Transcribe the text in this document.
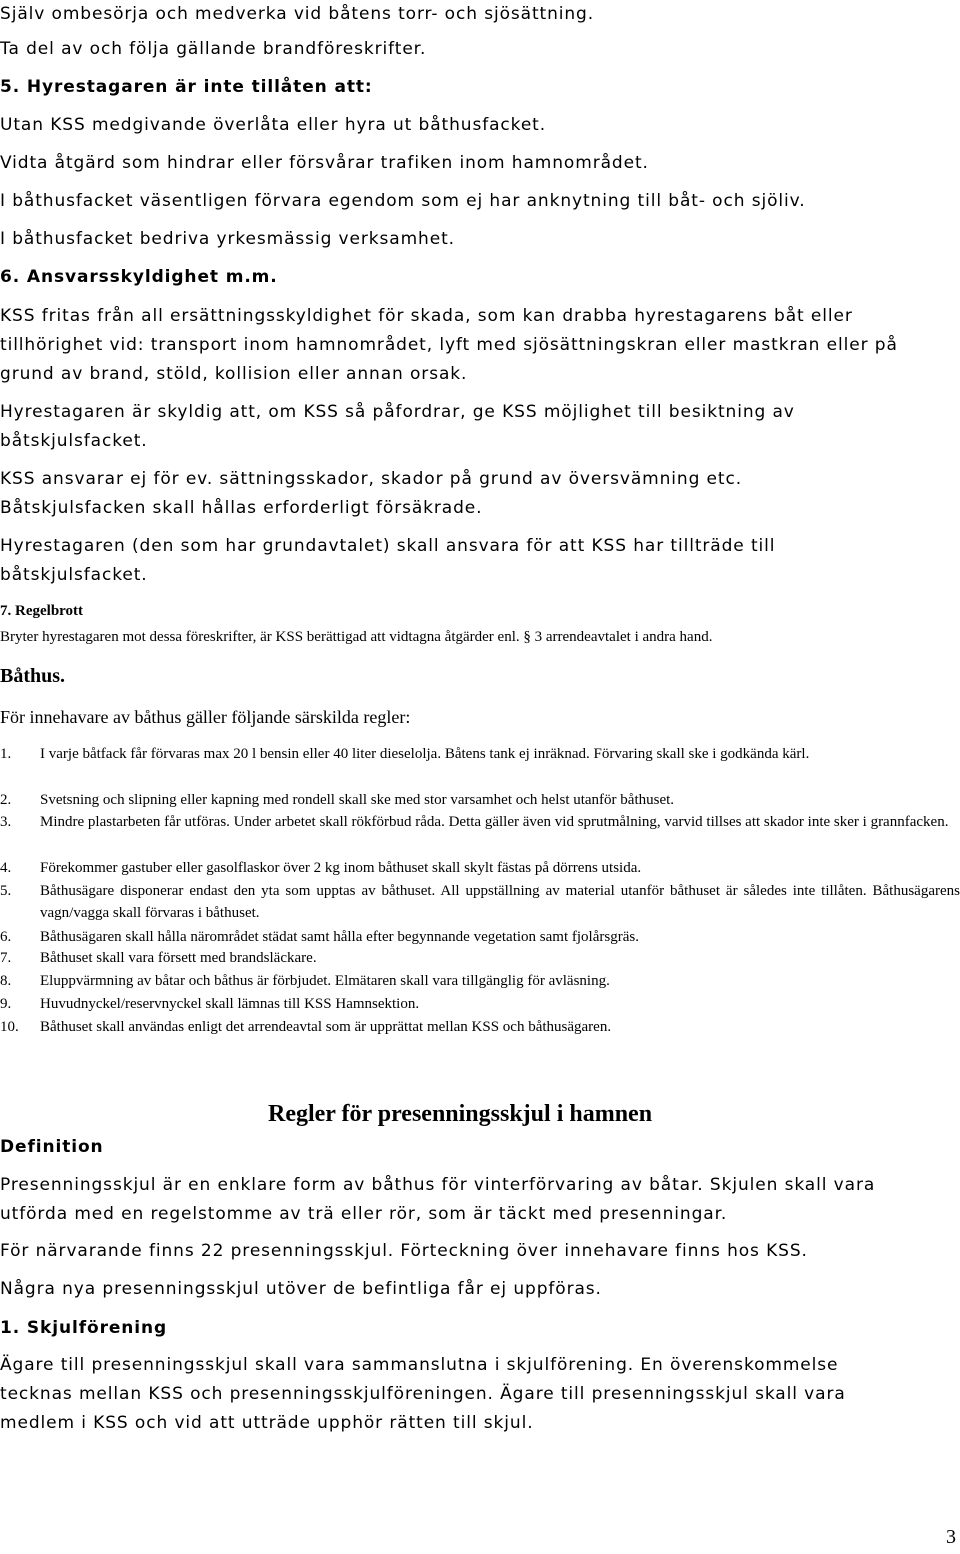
Själv ombesörja och medverka vid båtens torr- och sjösättning.
Ta del av och följa gällande brandföreskrifter.
5. Hyrestagaren är inte tillåten att:
Utan KSS medgivande överlåta eller hyra ut båthusfacket.
Vidta åtgärd som hindrar eller försvårar trafiken inom hamnområdet.
I båthusfacket väsentligen förvara egendom som ej har anknytning till båt- och sjöliv.
I båthusfacket bedriva yrkesmässig verksamhet.
6. Ansvarsskyldighet m.m.
KSS fritas från all ersättningsskyldighet för skada, som kan drabba hyrestagarens båt eller
tillhörighet vid: transport inom hamnområdet, lyft med sjösättningskran eller mastkran eller på
grund av brand, stöld, kollision eller annan orsak.
Hyrestagaren är skyldig att, om KSS så påfordrar, ge KSS möjlighet till besiktning av
båtskjulsfacket.
KSS ansvarar ej för ev. sättningsskador, skador på grund av översvämning etc.
Båtskjulsfacken skall hållas erforderligt försäkrade.
Hyrestagaren (den som har grundavtalet) skall ansvara för att KSS har tillträde till
båtskjulsfacket.
7. Regelbrott
Bryter hyrestagaren mot dessa föreskrifter, är KSS berättigad att vidtagna åtgärder enl. § 3 arrendeavtalet i andra hand.
Båthus.
För innehavare av båthus gäller följande särskilda regler:
1. I varje båtfack får förvaras max 20 l bensin eller 40 liter dieselolja. Båtens tank ej inräknad. Förvaring skall ske i godkända kärl.
2. Svetsning och slipning eller kapning med rondell skall ske med stor varsamhet och helst utanför båthuset.
3. Mindre plastarbeten får utföras. Under arbetet skall rökförbud råda. Detta gäller även vid sprutmålning, varvid tillses att skador inte sker i grannfacken.
4. Förekommer gastuber eller gasolflaskor över 2 kg inom båthuset skall skylt fästas på dörrens utsida.
5. Båthusägare disponerar endast den yta som upptas av båthuset. All uppställning av material utanför båthuset är således inte tillåten. Båthusägarens vagn/vagga skall förvaras i båthuset.
6. Båthusägaren skall hålla närområdet städat samt hålla efter begynnande vegetation samt fjolårsgräs.
7. Båthuset skall vara försett med brandsläckare.
8. Eluppvärmning av båtar och båthus är förbjudet. Elmätaren skall vara tillgänglig för avläsning.
9. Huvudnyckel/reservnyckel skall lämnas till KSS Hamnsektion.
10. Båthuset skall användas enligt det arrendeavtal som är upprättat mellan KSS och båthusägaren.
Regler för presenningsskjul i hamnen
Definition
Presenningsskjul är en enklare form av båthus för vinterförvaring av båtar. Skjulen skall vara
utförda med en regelstomme av trä eller rör, som är täckt med presenningar.
För närvarande finns 22 presenningsskjul. Förteckning över innehavare finns hos KSS.
Några nya presenningsskjul utöver de befintliga får ej uppföras.
1. Skjulförening
Ägare till presenningsskjul skall vara sammanslutna i skjulförening. En överenskommelse
tecknas mellan KSS och presenningsskjulföreningen. Ägare till presenningsskjul skall vara
medlem i KSS och vid att utträde upphör rätten till skjul.
3
